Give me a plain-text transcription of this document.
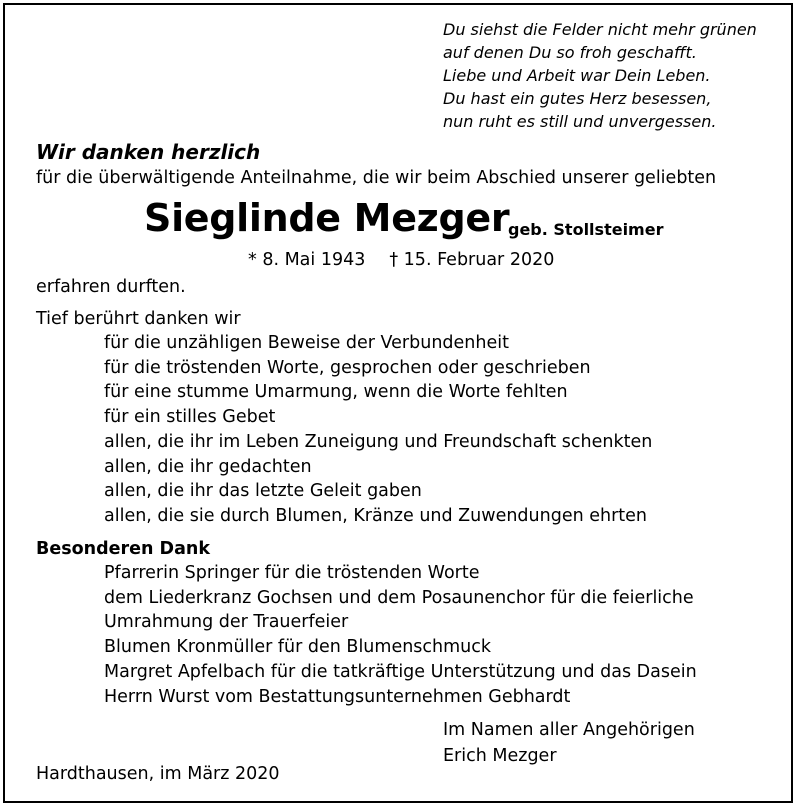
Du siehst die Felder nicht mehr grünen
auf denen Du so froh geschafft.
Liebe und Arbeit war Dein Leben.
Du hast ein gutes Herz besessen,
nun ruht es still und unvergessen.
Wir danken herzlich
für die überwältigende Anteilnahme, die wir beim Abschied unserer geliebten
Sieglinde Mezger
geb. Stollsteimer
* 8. Mai 1943 † 15. Februar 2020
erfahren durften.
Tief berührt danken wir
für die unzähligen Beweise der Verbundenheit
für die tröstenden Worte, gesprochen oder geschrieben
für eine stumme Umarmung, wenn die Worte fehlten
für ein stilles Gebet
allen, die ihr im Leben Zuneigung und Freundschaft schenkten
allen, die ihr gedachten
allen, die ihr das letzte Geleit gaben
allen, die sie durch Blumen, Kränze und Zuwendungen ehrten
Besonderen Dank
Pfarrerin Springer für die tröstenden Worte
dem Liederkranz Gochsen und dem Posaunenchor für die feierliche
Umrahmung der Trauerfeier
Blumen Kronmüller für den Blumenschmuck
Margret Apfelbach für die tatkräftige Unterstützung und das Dasein
Herrn Wurst vom Bestattungsunternehmen Gebhardt
Im Namen aller Angehörigen
Erich Mezger
Hardthausen, im März 2020
